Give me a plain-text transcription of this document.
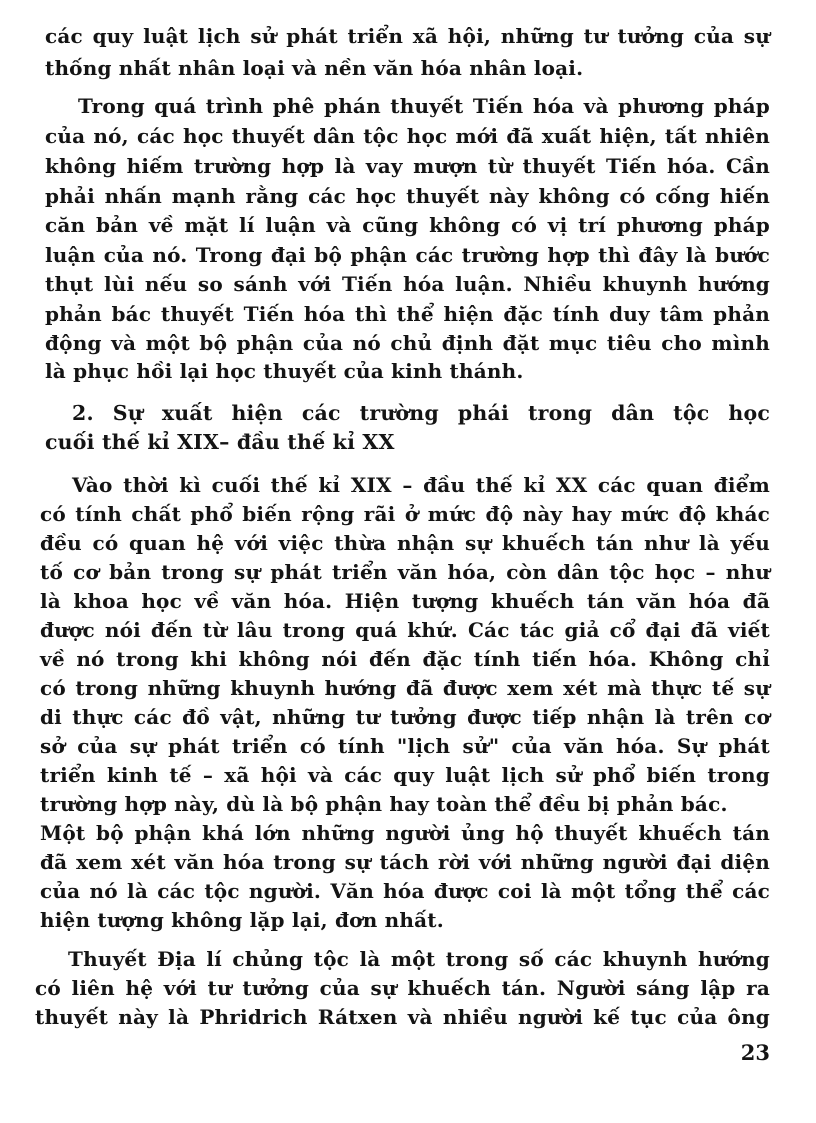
các quy luật lịch sử phát triển xã hội, những tư tưởng của sự

thống nhất nhân loại và nền văn hóa nhân loại.

Trong quá trình phê phán thuyết Tiến hóa và phương pháp

của nó, các học thuyết dân tộc học mới đã xuất hiện, tất nhiên

không hiếm trường hợp là vay mượn từ thuyết Tiến hóa. Cần

phải nhấn mạnh rằng các học thuyết này không có cống hiến

căn bản về mặt lí luận và cũng không có vị trí phương pháp

luận của nó. Trong đại bộ phận các trường hợp thì đây là bước

thụt lùi nếu so sánh với Tiến hóa luận. Nhiều khuynh hướng

phản bác thuyết Tiến hóa thì thể hiện đặc tính duy tâm phản

động và một bộ phận của nó chủ định đặt mục tiêu cho mình

là phục hồi lại học thuyết của kinh thánh.

2. Sự xuất hiện các trường phái trong dân tộc học

cuối thế kỉ XIX– đầu thế kỉ XX

Vào thời kì cuối thế kỉ XIX – đầu thế kỉ XX các quan điểm

có tính chất phổ biến rộng rãi ở mức độ này hay mức độ khác

đều có quan hệ với việc thừa nhận sự khuếch tán như là yếu

tố cơ bản trong sự phát triển văn hóa, còn dân tộc học – như

là khoa học về văn hóa. Hiện tượng khuếch tán văn hóa đã

được nói đến từ lâu trong quá khứ. Các tác giả cổ đại đã viết

về nó trong khi không nói đến đặc tính tiến hóa. Không chỉ

có trong những khuynh hướng đã được xem xét mà thực tế sự

di thực các đồ vật, những tư tưởng được tiếp nhận là trên cơ

sở của sự phát triển có tính "lịch sử" của văn hóa. Sự phát

triển kinh tế – xã hội và các quy luật lịch sử phổ biến trong

trường hợp này, dù là bộ phận hay toàn thể đều bị phản bác.

Một bộ phận khá lớn những người ủng hộ thuyết khuếch tán

đã xem xét văn hóa trong sự tách rời với những người đại diện

của nó là các tộc người. Văn hóa được coi là một tổng thể các

hiện tượng không lặp lại, đơn nhất.

Thuyết Địa lí chủng tộc là một trong số các khuynh hướng

có liên hệ với tư tưởng của sự khuếch tán. Người sáng lập ra

thuyết này là Phridrich Rátxen và nhiều người kế tục của ông

23
